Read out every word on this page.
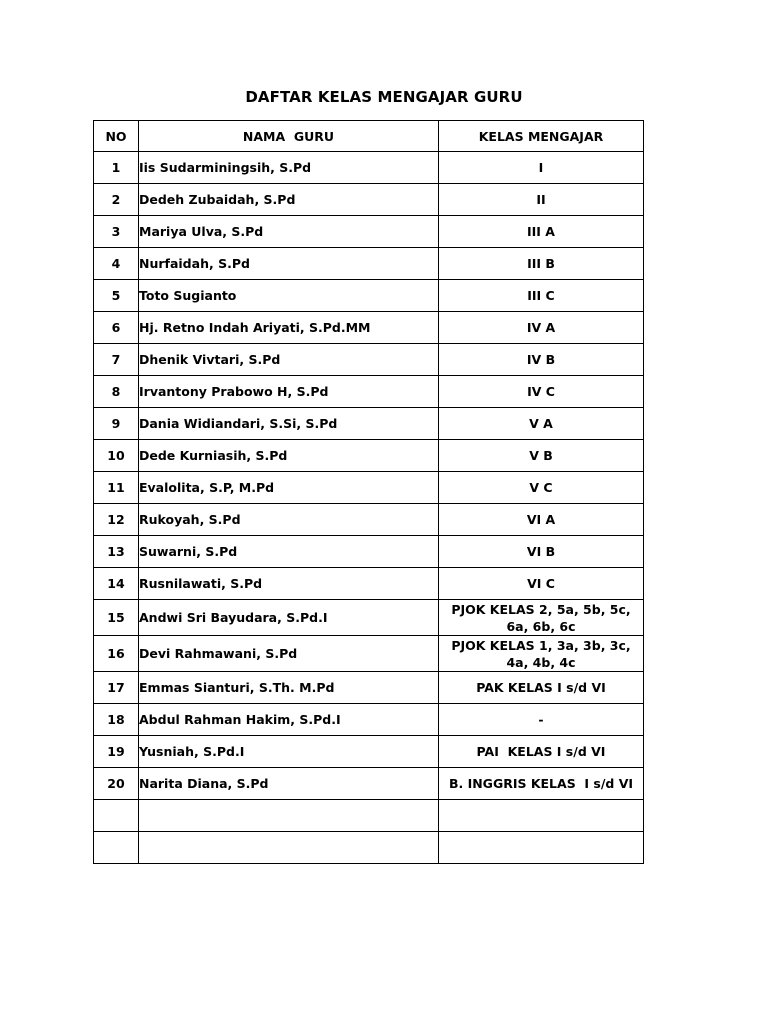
DAFTAR KELAS MENGAJAR GURU
NO	NAMA  GURU	KELAS MENGAJAR
1	Iis Sudarminingsih, S.Pd	I
2	Dedeh Zubaidah, S.Pd	II
3	Mariya Ulva, S.Pd	III A
4	Nurfaidah, S.Pd	III B
5	Toto Sugianto	III C
6	Hj. Retno Indah Ariyati, S.Pd.MM	IV A
7	Dhenik Vivtari, S.Pd	IV B
8	Irvantony Prabowo H, S.Pd	IV C
9	Dania Widiandari, S.Si, S.Pd	V A
10	Dede Kurniasih, S.Pd	V B
11	Evalolita, S.P, M.Pd	V C
12	Rukoyah, S.Pd	VI A
13	Suwarni, S.Pd	VI B
14	Rusnilawati, S.Pd	VI C
15	Andwi Sri Bayudara, S.Pd.I	PJOK KELAS 2, 5a, 5b, 5c, 6a, 6b, 6c
16	Devi Rahmawani, S.Pd	PJOK KELAS 1, 3a, 3b, 3c, 4a, 4b, 4c
17	Emmas Sianturi, S.Th. M.Pd	PAK KELAS I s/d VI
18	Abdul Rahman Hakim, S.Pd.I	-
19	Yusniah, S.Pd.I	PAI  KELAS I s/d VI
20	Narita Diana, S.Pd	B. INGGRIS KELAS  I s/d VI
